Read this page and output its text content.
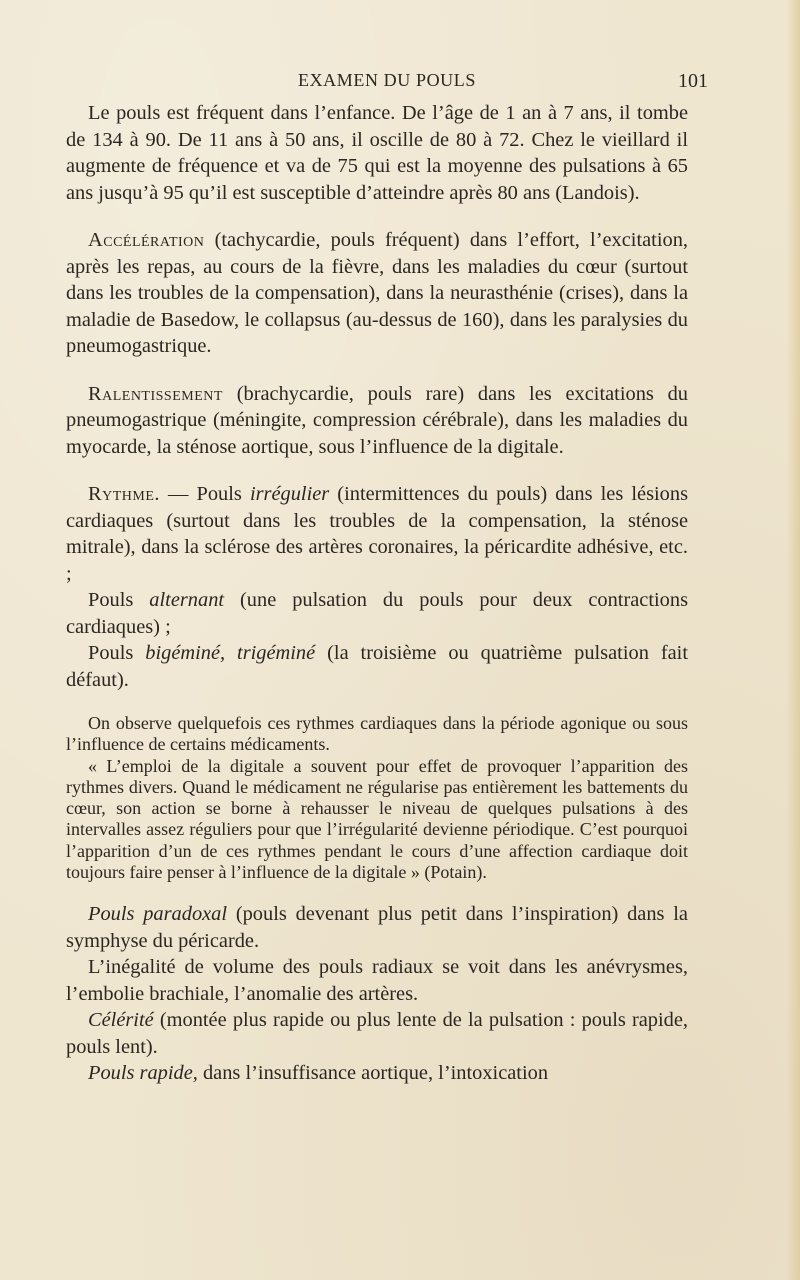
EXAMEN DU POULS	101

Le pouls est fréquent dans l’enfance. De l’âge de 1 an à 7 ans, il tombe de 134 à 90. De 11 ans à 50 ans, il oscille de 80 à 72. Chez le vieillard il augmente de fréquence et va de 75 qui est la moyenne des pulsations à 65 ans jusqu’à 95 qu’il est susceptible d’atteindre après 80 ans (Landois).

Accélération (tachycardie, pouls fréquent) dans l’effort, l’excitation, après les repas, au cours de la fièvre, dans les maladies du cœur (surtout dans les troubles de la compensation), dans la neurasthénie (crises), dans la maladie de Basedow, le collapsus (au-dessus de 160), dans les paralysies du pneumogastrique.

Ralentissement (brachycardie, pouls rare) dans les excitations du pneumogastrique (méningite, compression cérébrale), dans les maladies du myocarde, la sténose aortique, sous l’influence de la digitale.

Rythme. — Pouls irrégulier (intermittences du pouls) dans les lésions cardiaques (surtout dans les troubles de la compensation, la sténose mitrale), dans la sclérose des artères coronaires, la péricardite adhésive, etc. ;

Pouls alternant (une pulsation du pouls pour deux contractions cardiaques) ;

Pouls bigéminé, trigéminé (la troisième ou quatrième pulsation fait défaut).

On observe quelquefois ces rythmes cardiaques dans la période agonique ou sous l’influence de certains médicaments.

« L’emploi de la digitale a souvent pour effet de provoquer l’apparition des rythmes divers. Quand le médicament ne régularise pas entièrement les battements du cœur, son action se borne à rehausser le niveau de quelques pulsations à des intervalles assez réguliers pour que l’irrégularité devienne périodique. C’est pourquoi l’apparition d’un de ces rythmes pendant le cours d’une affection cardiaque doit toujours faire penser à l’influence de la digitale » (Potain).

Pouls paradoxal (pouls devenant plus petit dans l’inspiration) dans la symphyse du péricarde.

L’inégalité de volume des pouls radiaux se voit dans les anévrysmes, l’embolie brachiale, l’anomalie des artères.

Célérité (montée plus rapide ou plus lente de la pulsation : pouls rapide, pouls lent).

Pouls rapide, dans l’insuffisance aortique, l’intoxication
